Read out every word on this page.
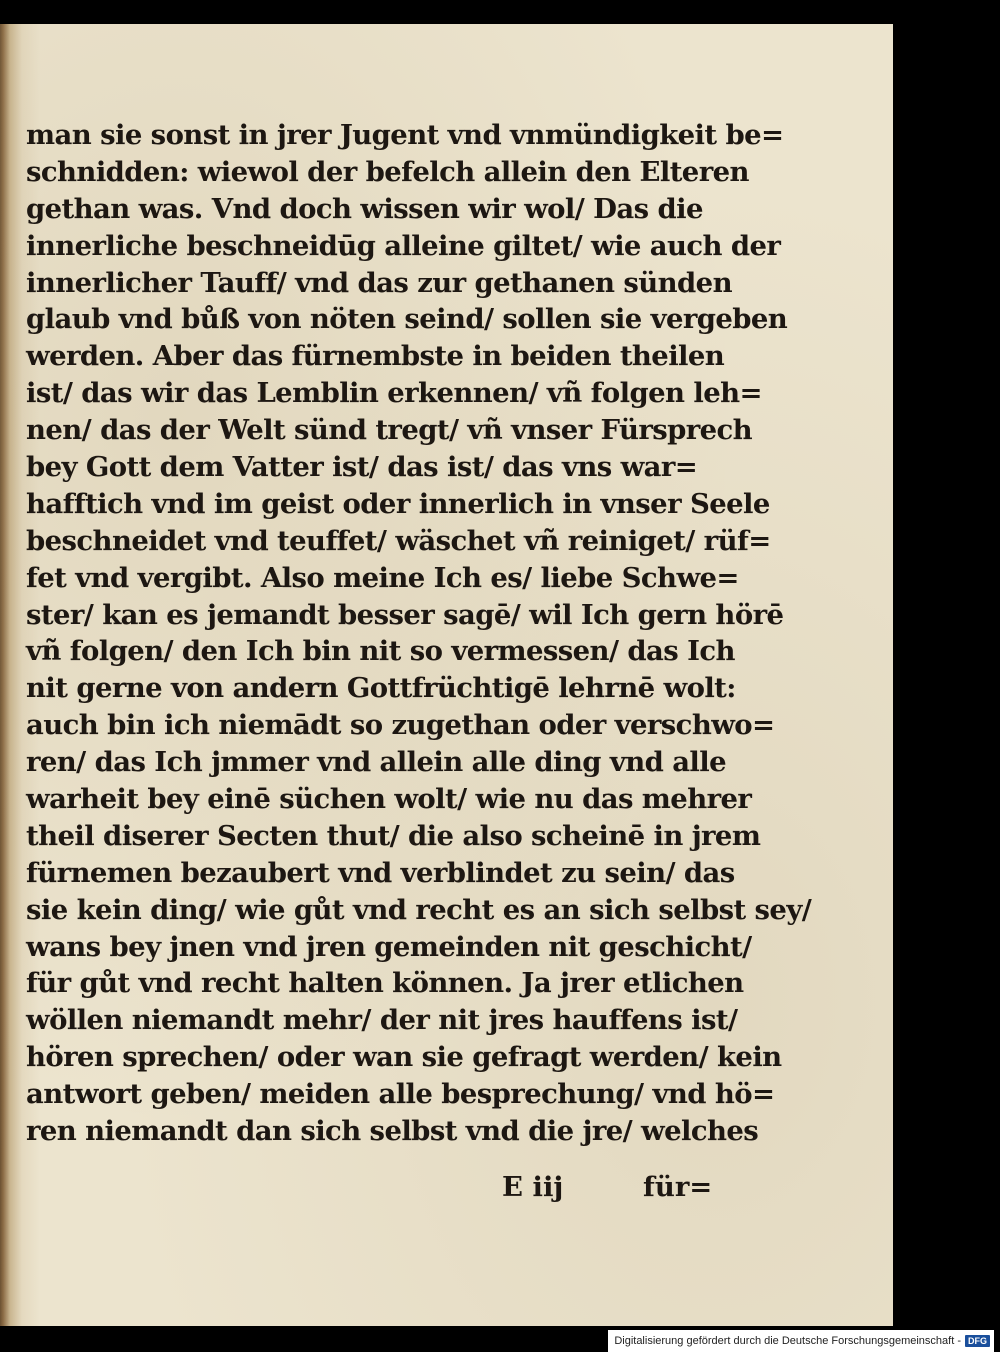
man sie sonst in jrer Jugent vnd vnmündigkeit be=
schnidden: wiewol der befelch allein den Elteren
gethan was. Vnd doch wissen wir wol/ Das die
innerliche beschneidūg alleine giltet/ wie auch der
innerlicher Tauff/ vnd das zur gethanen sünden
glaub vnd bůß von nöten seind/ sollen sie vergeben
werden. Aber das fürnembste in beiden theilen
ist/ das wir das Lemblin erkennen/ vñ folgen leh=
nen/ das der Welt sünd tregt/ vñ vnser Fürsprech
bey Gott dem Vatter ist/ das ist/ das vns war=
hafftich vnd im geist oder innerlich in vnser Seele
beschneidet vnd teuffet/ wäschet vñ reiniget/ rüf=
fet vnd vergibt. Also meine Ich es/ liebe Schwe=
ster/ kan es jemandt besser sagē/ wil Ich gern hörē
vñ folgen/ den Ich bin nit so vermessen/ das Ich
nit gerne von andern Gottfrüchtigē lehrnē wolt:
auch bin ich niemādt so zugethan oder verschwo=
ren/ das Ich jmmer vnd allein alle ding vnd alle
warheit bey einē süchen wolt/ wie nu das mehrer
theil diserer Secten thut/ die also scheinē in jrem
fürnemen bezaubert vnd verblindet zu sein/ das
sie kein ding/ wie gůt vnd recht es an sich selbst sey/
wans bey jnen vnd jren gemeinden nit geschicht/
für gůt vnd recht halten können. Ja jrer etlichen
wöllen niemandt mehr/ der nit jres hauffens ist/
hören sprechen/ oder wan sie gefragt werden/ kein
antwort geben/ meiden alle besprechung/ vnd hö=
ren niemandt dan sich selbst vnd die jre/ welches
E iij	für=
Digitalisierung gefördert durch die Deutsche Forschungsgemeinschaft - DFG
